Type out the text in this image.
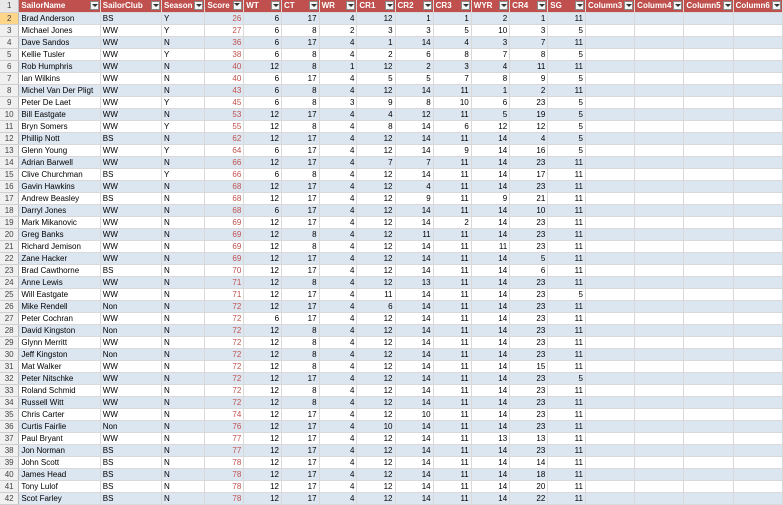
1	SailorName	SailorClub	Season	Score	WT	CT	WR	CR1	CR2	CR3	WYR	CR4	SG	Column3	Column4	Column5	Column6

2	Brad Anderson	BS	Y	26	6	17	4	12	1	1	2	1	11				
3	Michael Jones	WW	Y	27	6	8	2	3	3	5	10	3	5				
4	Dave Sandos	WW	N	36	6	17	4	1	14	4	3	7	11				
5	Kellie Tusler	WW	Y	38	6	8	4	2	6	8	7	8	5				
6	Rob Humphris	WW	N	40	12	8	1	12	2	3	4	11	11				
7	Ian Wilkins	WW	N	40	6	17	4	5	5	7	8	9	5				
8	Michel Van Der Pligt	WW	N	43	6	8	4	12	14	11	1	2	11				
9	Peter De Laet	WW	Y	45	6	8	3	9	8	10	6	23	5				
10	Bill Eastgate	WW	N	53	12	17	4	4	12	11	5	19	5				
11	Bryn Somers	WW	Y	55	12	8	4	8	14	6	12	12	5				
12	Phillip Nott	BS	N	62	12	17	4	12	14	11	14	4	5				
13	Glenn Young	WW	Y	64	6	17	4	12	14	9	14	16	5				
14	Adrian Barwell	WW	N	66	12	17	4	7	7	11	14	23	11				
15	Clive Churchman	BS	Y	66	6	8	4	12	14	11	14	17	11				
16	Gavin Hawkins	WW	N	68	12	17	4	12	4	11	14	23	11				
17	Andrew Beasley	BS	N	68	12	17	4	12	9	11	9	21	11				
18	Darryl Jones	WW	N	68	6	17	4	12	14	11	14	10	11				
19	Mark Mikanovic	WW	N	69	12	17	4	12	14	2	14	23	11				
20	Greg Banks	WW	N	69	12	8	4	12	11	11	14	23	11				
21	Richard Jemison	WW	N	69	12	8	4	12	14	11	11	23	11				
22	Zane Hacker	WW	N	69	12	17	4	12	14	11	14	5	11				
23	Brad Cawthorne	BS	N	70	12	17	4	12	14	11	14	6	11				
24	Anne Lewis	WW	N	71	12	8	4	12	13	11	14	23	11				
25	Will Eastgate	WW	N	71	12	17	4	11	14	11	14	23	5				
26	Mike Rendell	Non	N	72	12	17	4	6	14	11	14	23	11				
27	Peter Cochran	WW	N	72	6	17	4	12	14	11	14	23	11				
28	David Kingston	Non	N	72	12	8	4	12	14	11	14	23	11				
29	Glynn Merritt	WW	N	72	12	8	4	12	14	11	14	23	11				
30	Jeff Kingston	Non	N	72	12	8	4	12	14	11	14	23	11				
31	Mat Walker	WW	N	72	12	8	4	12	14	11	14	15	11				
32	Peter Nitschke	WW	N	72	12	17	4	12	14	11	14	23	5				
33	Roland Schmid	WW	N	72	12	8	4	12	14	11	14	23	11				
34	Russell Witt	WW	N	72	12	8	4	12	14	11	14	23	11				
35	Chris Carter	WW	N	74	12	17	4	12	10	11	14	23	11				
36	Curtis Fairlie	Non	N	76	12	17	4	10	14	11	14	23	11				
37	Paul Bryant	WW	N	77	12	17	4	12	14	11	13	13	11				
38	Jon Norman	BS	N	77	12	17	4	12	14	11	14	23	11				
39	John Scott	BS	N	78	12	17	4	12	14	11	14	14	11				
40	James Head	BS	N	78	12	17	4	12	14	11	14	18	11				
41	Tony Lulof	BS	N	78	12	17	4	12	14	11	14	20	11				
42	Scot Farley	BS	N	78	12	17	4	12	14	11	14	22	11				
